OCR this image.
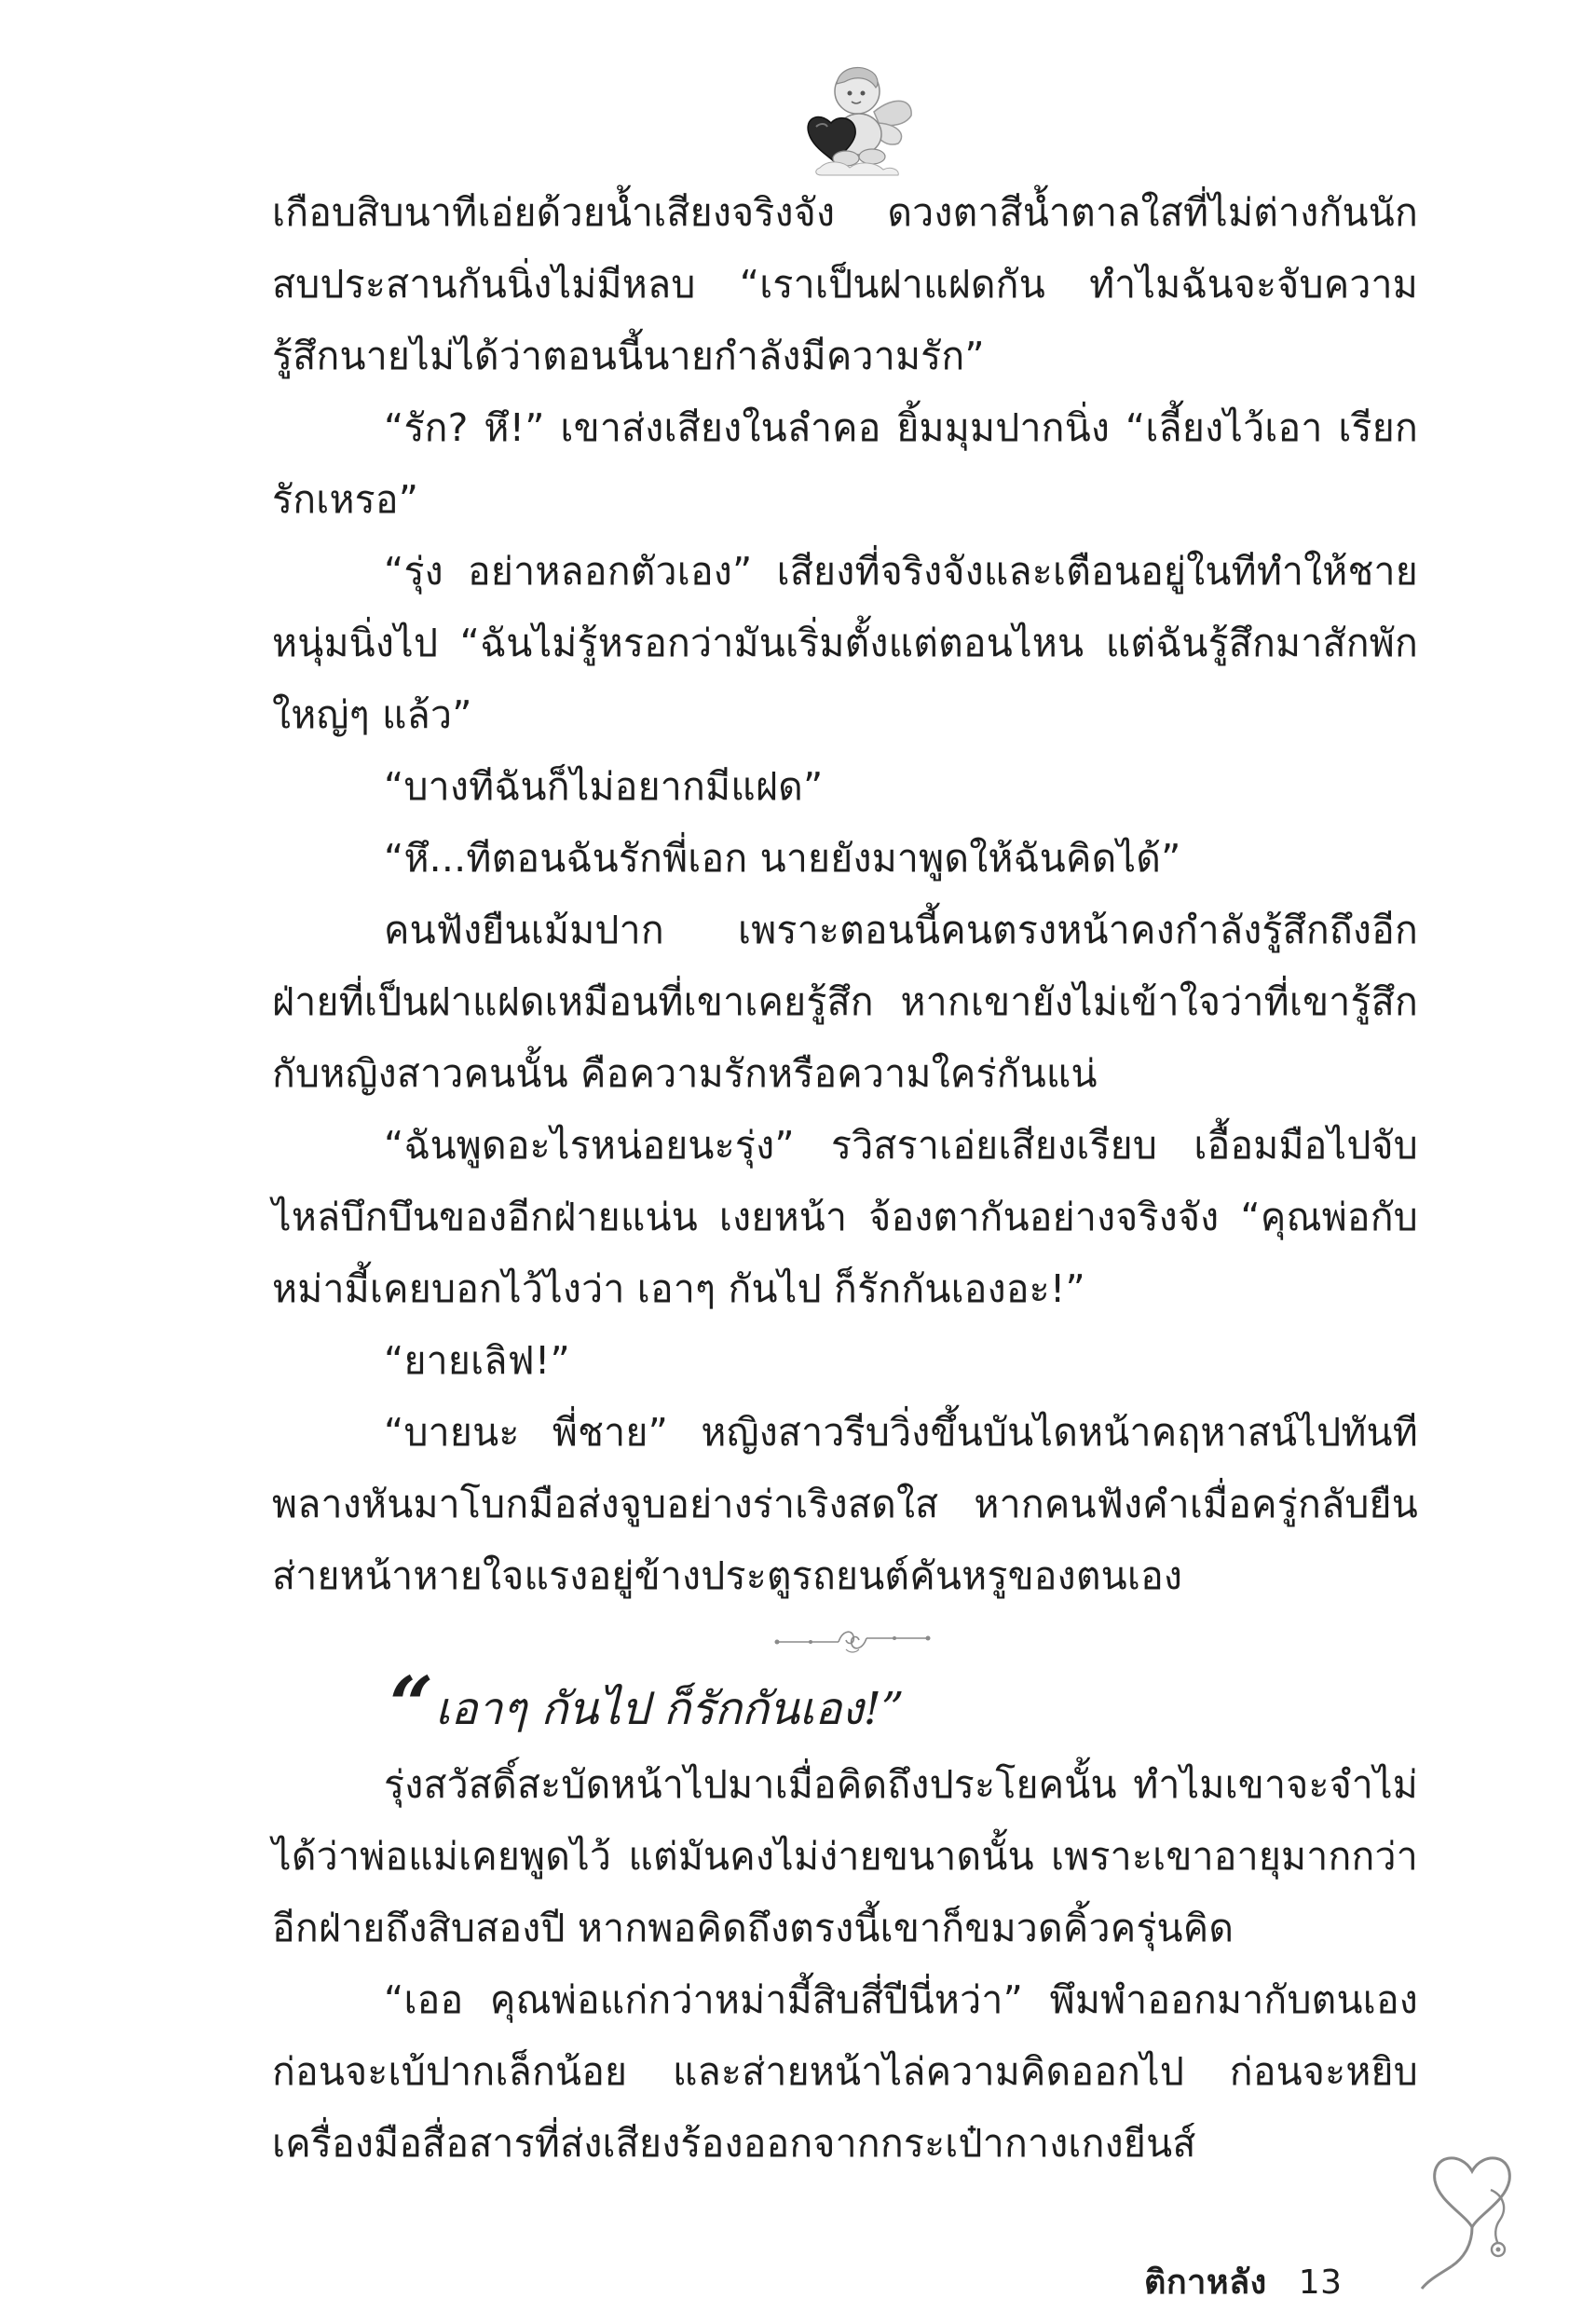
เกือบสิบนาทีเอ่ยด้วยน้ำเสียงจริงจัง ดวงตาสีน้ำตาลใสที่ไม่ต่างกันนัก สบประสานกันนิ่งไม่มีหลบ “เราเป็นฝาแฝดกัน ทำไมฉันจะจับความรู้สึกนายไม่ได้ว่าตอนนี้นายกำลังมีความรัก”

“รัก? หึ!” เขาส่งเสียงในลำคอ ยิ้มมุมปากนิ่ง “เลี้ยงไว้เอา เรียกรักเหรอ”

“รุ่ง อย่าหลอกตัวเอง” เสียงที่จริงจังและเตือนอยู่ในทีทำให้ชายหนุ่มนิ่งไป “ฉันไม่รู้หรอกว่ามันเริ่มตั้งแต่ตอนไหน แต่ฉันรู้สึกมาสักพักใหญ่ๆ แล้ว”

“บางทีฉันก็ไม่อยากมีแฝด”

“หึ...ทีตอนฉันรักพี่เอก นายยังมาพูดให้ฉันคิดได้”

คนฟังยืนเม้มปาก เพราะตอนนี้คนตรงหน้าคงกำลังรู้สึกถึงอีกฝ่ายที่เป็นฝาแฝดเหมือนที่เขาเคยรู้สึก หากเขายังไม่เข้าใจว่าที่เขารู้สึกกับหญิงสาวคนนั้น คือความรักหรือความใคร่กันแน่

“ฉันพูดอะไรหน่อยนะรุ่ง” รวิสราเอ่ยเสียงเรียบ เอื้อมมือไปจับไหล่บึกบึนของอีกฝ่ายแน่น เงยหน้า จ้องตากันอย่างจริงจัง “คุณพ่อกับหม่ามี้เคยบอกไว้ไงว่า เอาๆ กันไป ก็รักกันเองอะ!”

“ยายเลิฟ!”

“บายนะ พี่ชาย” หญิงสาวรีบวิ่งขึ้นบันไดหน้าคฤหาสน์ไปทันทีพลางหันมาโบกมือส่งจูบอย่างร่าเริงสดใส หากคนฟังคำเมื่อครู่กลับยืนส่ายหน้าหายใจแรงอยู่ข้างประตูรถยนต์คันหรูของตนเอง

“เอาๆ กันไป ก็รักกันเอง!”

รุ่งสวัสดิ์สะบัดหน้าไปมาเมื่อคิดถึงประโยคนั้น ทำไมเขาจะจำไม่ได้ว่าพ่อแม่เคยพูดไว้ แต่มันคงไม่ง่ายขนาดนั้น เพราะเขาอายุมากกว่าอีกฝ่ายถึงสิบสองปี หากพอคิดถึงตรงนี้เขาก็ขมวดคิ้วครุ่นคิด

“เออ คุณพ่อแก่กว่าหม่ามี้สิบสี่ปีนี่หว่า” พึมพำออกมากับตนเอง ก่อนจะเบ้ปากเล็กน้อย และส่ายหน้าไล่ความคิดออกไป ก่อนจะหยิบเครื่องมือสื่อสารที่ส่งเสียงร้องออกจากกระเป๋ากางเกงยีนส์

ติกาหลัง 13
